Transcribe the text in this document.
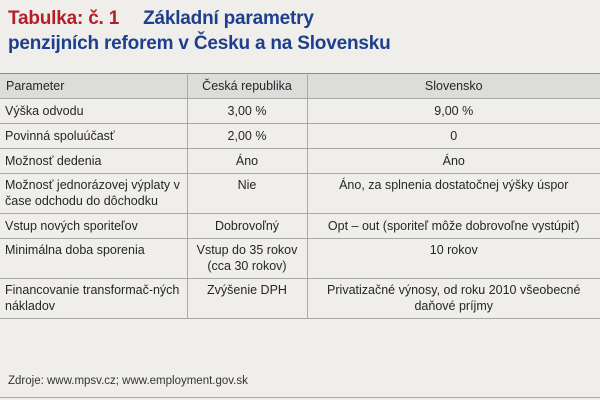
Tabulka: č. 1 Základní parametry
penzijních reforem v Česku a na Slovensku
Parameter	Česká republika	Slovensko
Výška odvodu	3,00 %	9,00 %
Povinná spoluúčasť	2,00 %	0
Možnosť dedenia	Áno	Áno
Možnosť jednorázovej výplaty v čase odchodu do dôchodku	Nie	Áno, za splnenia dostatočnej výšky úspor
Vstup nových sporiteľov	Dobrovoľný	Opt – out (sporiteľ môže dobrovoľne vystúpiť)
Minimálna doba sporenia	Vstup do 35 rokov (cca 30 rokov)	10 rokov
Financovanie transformač-ných nákladov	Zvýšenie DPH	Privatizačné výnosy, od roku 2010 všeobecné daňové príjmy
Zdroje: www.mpsv.cz; www.employment.gov.sk
